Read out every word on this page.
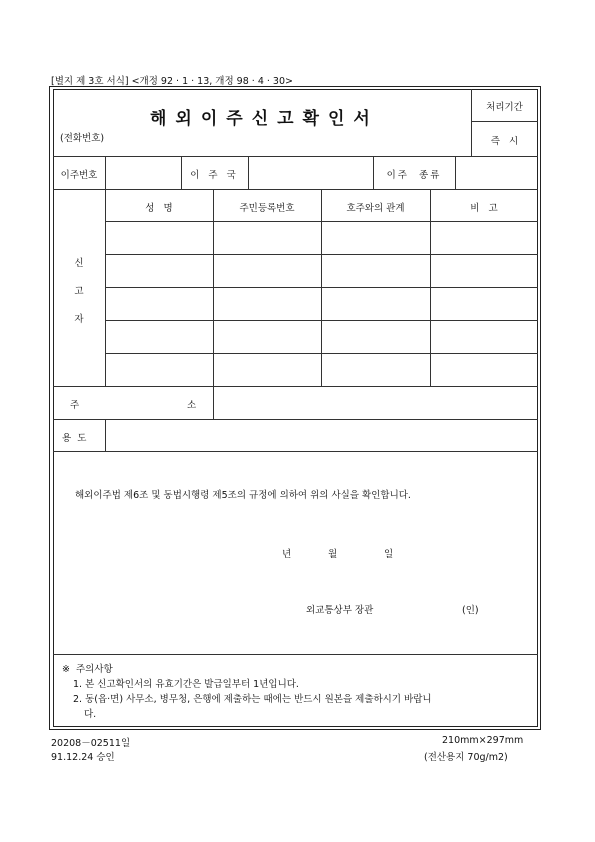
[별지 제 3호 서식] <개정 92 · 1 · 13, 개정 98 · 4 · 30>
해외이주신고확인서
(전화번호)
처리기간
즉   시
이주번호	이 주 국	이주  종류
신
고
자
성   명	주민등록번호	호주와의 관계	비   고
주	소
용  도
해외이주법 제6조 및 동법시행령 제5조의 규정에 의하여 위의 사실을 확인합니다.
년	월	일
외교통상부 장관	(인)
※  주의사항
1. 본 신고확인서의 유효기간은 발급일부터 1년입니다.
2. 동(읍·면) 사무소, 병무청, 은행에 제출하는 때에는 반드시 원본을 제출하시기 바랍니
다.
20208－02511일
91.12.24 승인
210mm×297mm
(전산용지 70g/m2)
